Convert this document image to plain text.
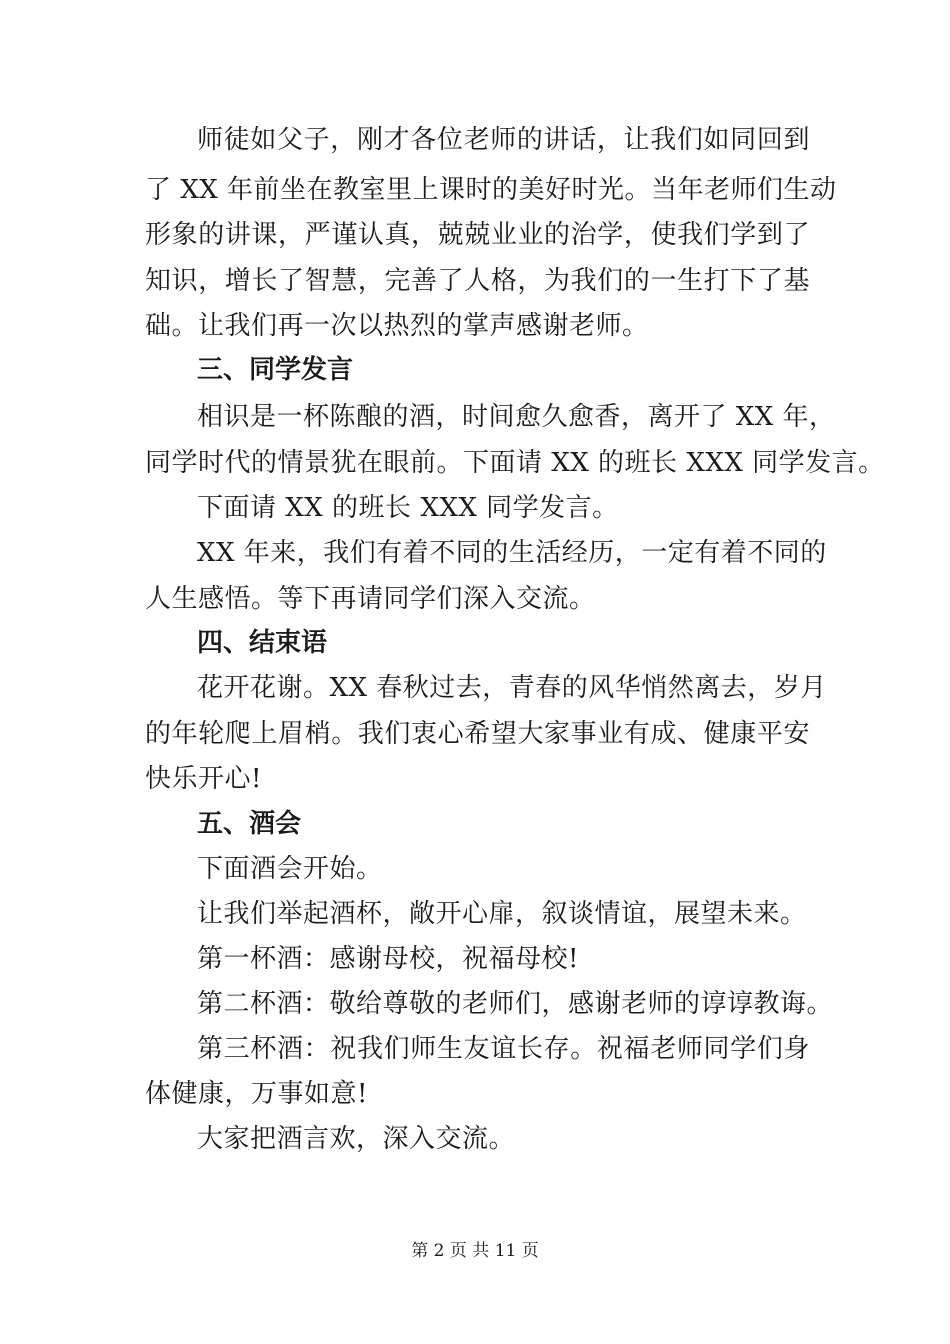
师徒如父子，刚才各位老师的讲话，让我们如同回到
了 XX 年前坐在教室里上课时的美好时光。当年老师们生动
形象的讲课，严谨认真，兢兢业业的治学，使我们学到了
知识，增长了智慧，完善了人格，为我们的一生打下了基
础。让我们再一次以热烈的掌声感谢老师。
三、同学发言
相识是一杯陈酿的酒，时间愈久愈香，离开了 XX 年，
同学时代的情景犹在眼前。下面请 XX 的班长 XXX 同学发言。
下面请 XX 的班长 XXX 同学发言。
XX 年来，我们有着不同的生活经历，一定有着不同的
人生感悟。等下再请同学们深入交流。
四、结束语
花开花谢。XX 春秋过去，青春的风华悄然离去，岁月
的年轮爬上眉梢。我们衷心希望大家事业有成、健康平安
快乐开心!
五、酒会
下面酒会开始。
让我们举起酒杯，敞开心扉，叙谈情谊，展望未来。
第一杯酒：感谢母校，祝福母校!
第二杯酒：敬给尊敬的老师们，感谢老师的谆谆教诲。
第三杯酒：祝我们师生友谊长存。祝福老师同学们身
体健康，万事如意!
大家把酒言欢，深入交流。
第 2 页 共 11 页
